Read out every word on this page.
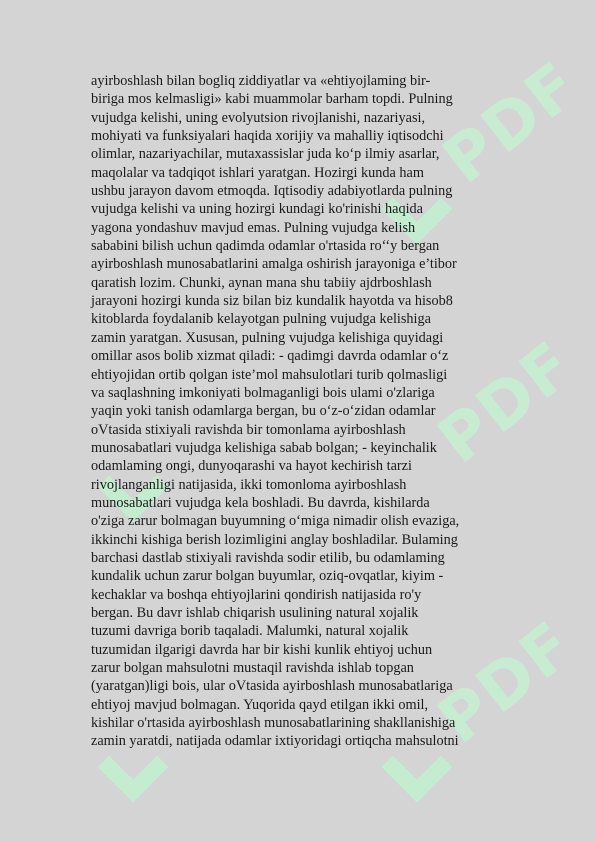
PDF
PDF
PDF
ayirboshlash bilan bogliq ziddiyatlar va «ehtiyojlaming bir-
biriga mos kelmasligi» kabi muammolar barham topdi. Pulning
vujudga kelishi, uning evolyutsion rivojlanishi, nazariyasi,
mohiyati va funksiyalari haqida xorijiy va mahalliy iqtisodchi
olimlar, nazariyachilar, mutaxassislar juda ko‘p ilmiy asarlar,
maqolalar va tadqiqot ishlari yaratgan. Hozirgi kunda ham
ushbu jarayon davom etmoqda. Iqtisodiy adabiyotlarda pulning
vujudga kelishi va uning hozirgi kundagi ko'rinishi haqida
yagona yondashuv mavjud emas. Pulning vujudga kelish
sababini bilish uchun qadimda odamlar o'rtasida ro‘‘y bergan
ayirboshlash munosabatlarini amalga oshirish jarayoniga e’tibor
qaratish lozim. Chunki, aynan mana shu tabiiy ajdrboshlash
jarayoni hozirgi kunda siz bilan biz kundalik hayotda va hisob8
kitoblarda foydalanib kelayotgan pulning vujudga kelishiga
zamin yaratgan. Xususan, pulning vujudga kelishiga quyidagi
omillar asos bolib xizmat qiladi: - qadimgi davrda odamlar o‘z
ehtiyojidan ortib qolgan iste’mol mahsulotlari turib qolmasligi
va saqlashning imkoniyati bolmaganligi bois ulami o'zlariga
yaqin yoki tanish odamlarga bergan, bu o‘z-o‘zidan odamlar
oVtasida stixiyali ravishda bir tomonlama ayirboshlash
munosabatlari vujudga kelishiga sabab bolgan; - keyinchalik
odamlaming ongi, dunyoqarashi va hayot kechirish tarzi
rivojlanganligi natijasida, ikki tomonloma ayirboshlash
munosabatlari vujudga kela boshladi. Bu davrda, kishilarda
o'ziga zarur bolmagan buyumning o‘miga nimadir olish evaziga,
ikkinchi kishiga berish lozimligini anglay boshladilar. Bulaming
barchasi dastlab stixiyali ravishda sodir etilib, bu odamlaming
kundalik uchun zarur bolgan buyumlar, oziq-ovqatlar, kiyim -
kechaklar va boshqa ehtiyojlarini qondirish natijasida ro'y
bergan. Bu davr ishlab chiqarish usulining natural xojalik
tuzumi davriga borib taqaladi. Malumki, natural xojalik
tuzumidan ilgarigi davrda har bir kishi kunlik ehtiyoj uchun
zarur bolgan mahsulotni mustaqil ravishda ishlab topgan
(yaratgan)ligi bois, ular oVtasida ayirboshlash munosabatlariga
ehtiyoj mavjud bolmagan. Yuqorida qayd etilgan ikki omil,
kishilar o'rtasida ayirboshlash munosabatlarining shakllanishiga
zamin yaratdi, natijada odamlar ixtiyoridagi ortiqcha mahsulotni
